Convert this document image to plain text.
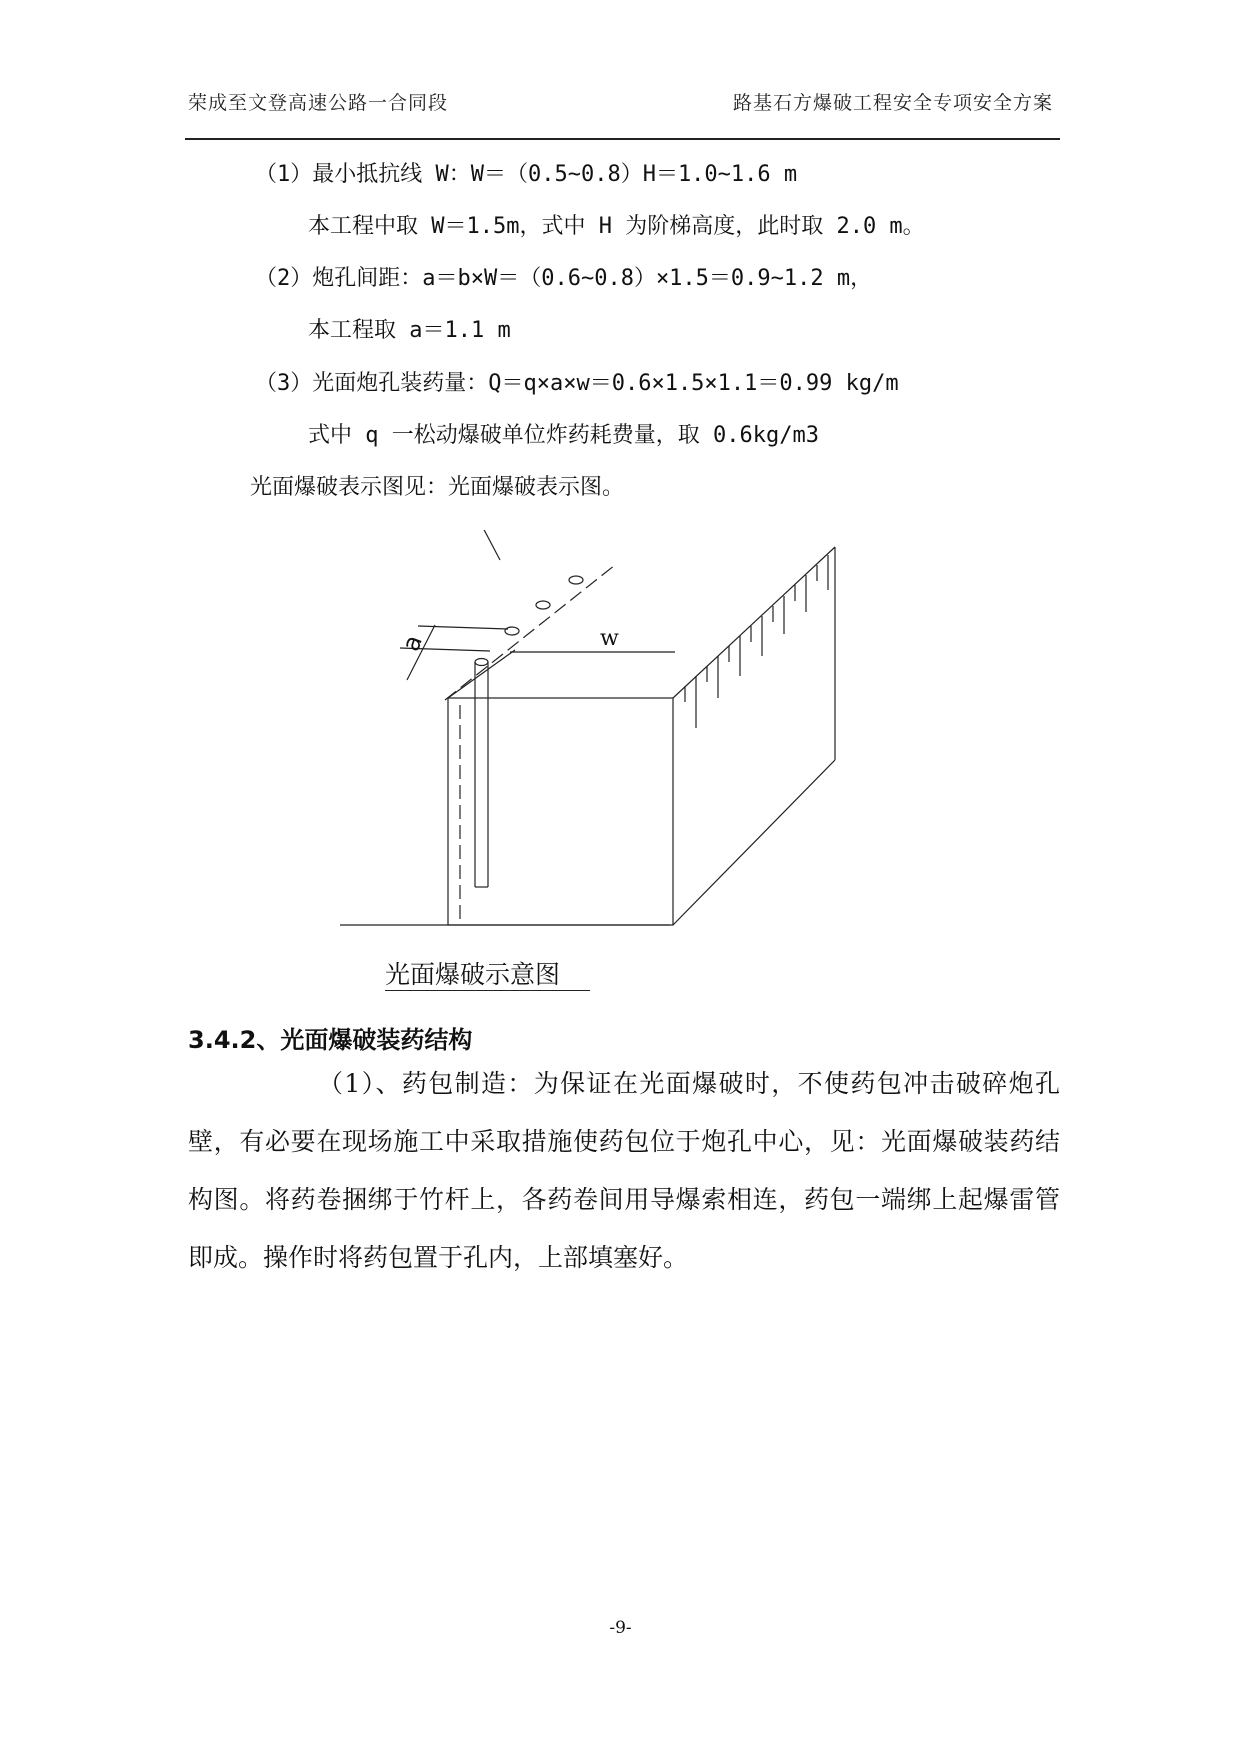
荣成至文登高速公路一合同段	路基石方爆破工程安全专项安全方案
（1）最小抵抗线 W：W＝（0.5~0.8）H＝1.0~1.6 m
本工程中取 W＝1.5m，式中 H 为阶梯高度，此时取 2.0 m。
（2）炮孔间距：a＝b×W＝（0.6~0.8）×1.5＝0.9~1.2 m，
本工程取 a＝1.1 m
（3）光面炮孔装药量：Q＝q×a×w＝0.6×1.5×1.1＝0.99 kg/m
式中 q 一松动爆破单位炸药耗费量，取 0.6kg/m3
光面爆破表示图见：光面爆破表示图。
w
a
光面爆破示意图
3.4.2、光面爆破装药结构
（1）、药包制造：为保证在光面爆破时，不使药包冲击破碎炮孔壁，有必要在现场施工中采取措施使药包位于炮孔中心，见：光面爆破装药结构图。将药卷捆绑于竹杆上，各药卷间用导爆索相连，药包一端绑上起爆雷管即成。操作时将药包置于孔内，上部填塞好。
-9-
